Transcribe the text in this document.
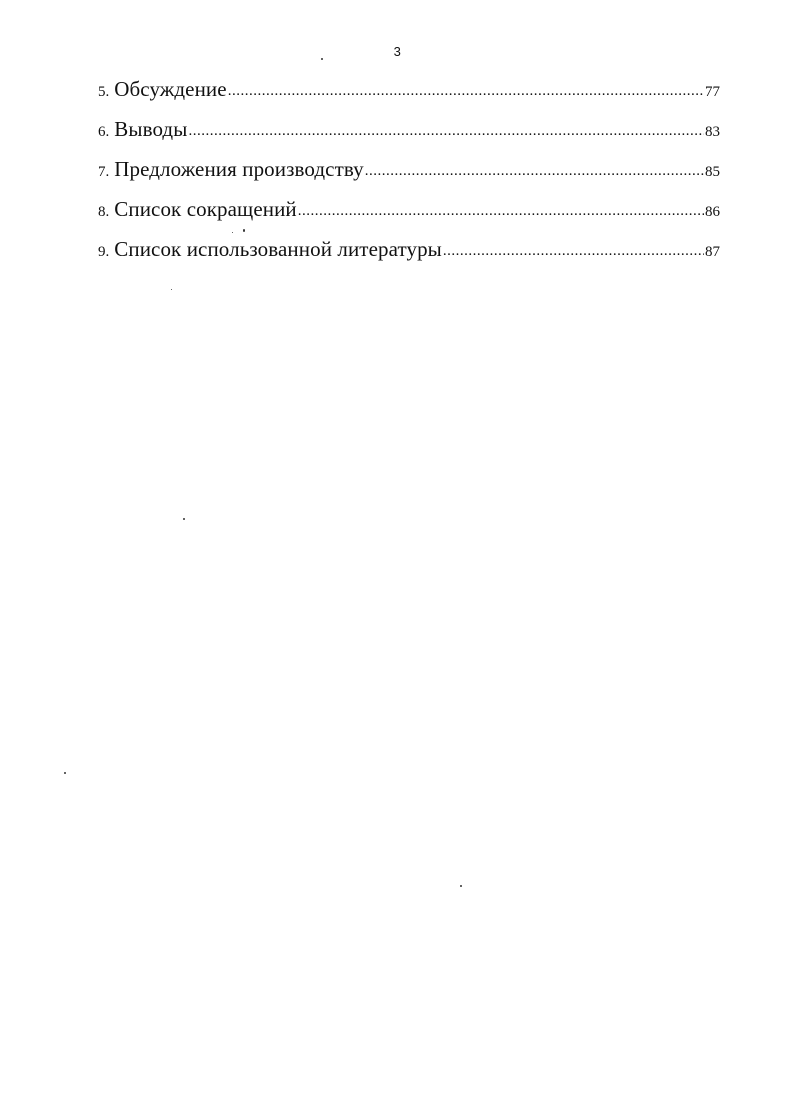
3
5. Обсуждение .....	77
6. Выводы .....	83
7. Предложения производству .....	85
8. Список сокращений .....	86
9. Список использованной литературы .....	87
